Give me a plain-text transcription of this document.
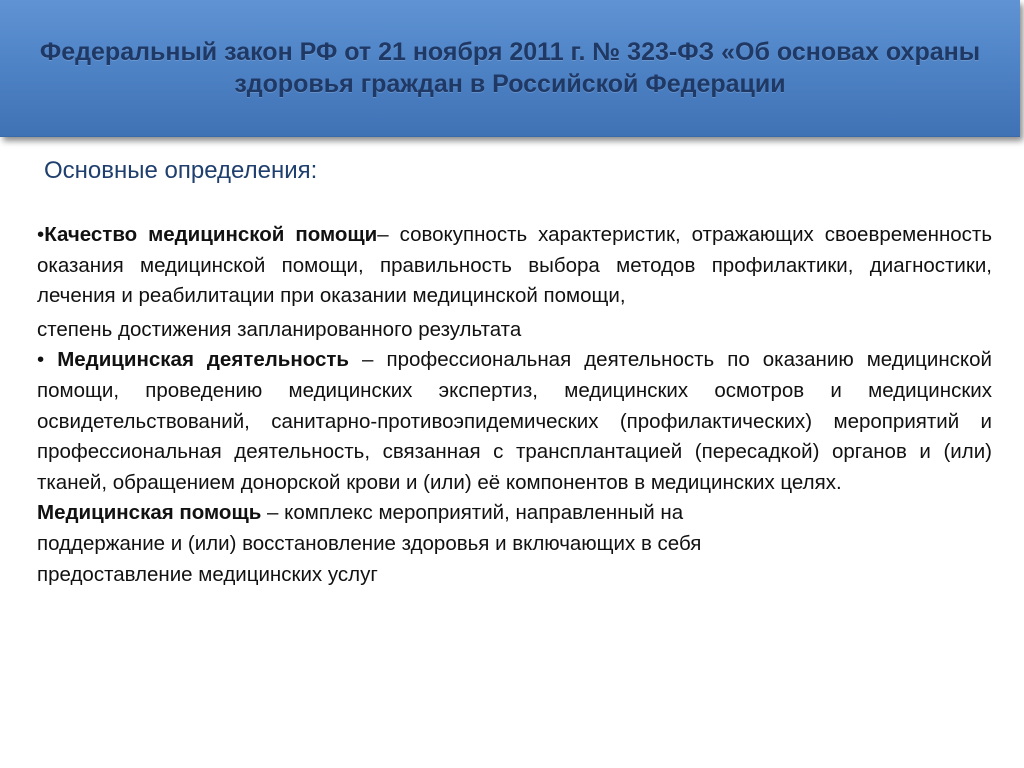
Федеральный закон РФ от 21 ноября 2011 г. № 323-ФЗ «Об основах охраны здоровья граждан в Российской Федерации
Основные определения:

•Качество медицинской помощи– совокупность характеристик, отражающих своевременность оказания медицинской помощи, правильность выбора методов профилактики, диагностики, лечения и реабилитации при оказании медицинской помощи,

степень достижения запланированного результата

• Медицинская деятельность – профессиональная деятельность по оказанию медицинской помощи, проведению медицинских экспертиз, медицинских осмотров и медицинских освидетельствований, санитарно-противоэпидемических (профилактических) мероприятий и профессиональная деятельность, связанная с трансплантацией (пересадкой) органов и (или) тканей, обращением донорской крови и (или) её компонентов в медицинских целях.

Медицинская помощь – комплекс мероприятий, направленный на
поддержание и (или) восстановление здоровья и включающих в себя
предоставление медицинских услуг
